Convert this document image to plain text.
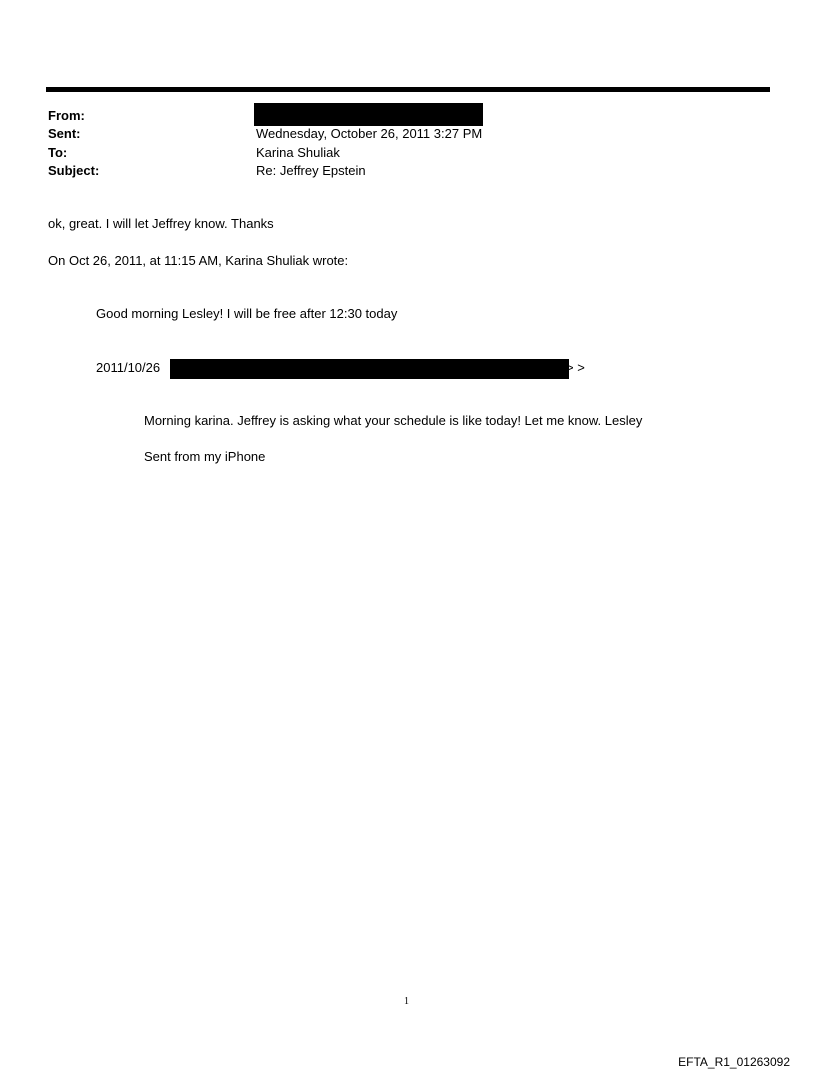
From:
Sent:	Wednesday, October 26, 2011 3:27 PM
To:	Karina Shuliak
Subject:	Re: Jeffrey Epstein
ok, great. I will let Jeffrey know. Thanks
On Oct 26, 2011, at 11:15 AM, Karina Shuliak wrote:
Good morning Lesley! I will be free after 12:30 today
2011/10/26	> >
Morning karina. Jeffrey is asking what your schedule is like today! Let me know. Lesley
Sent from my iPhone
1
EFTA_R1_01263092
